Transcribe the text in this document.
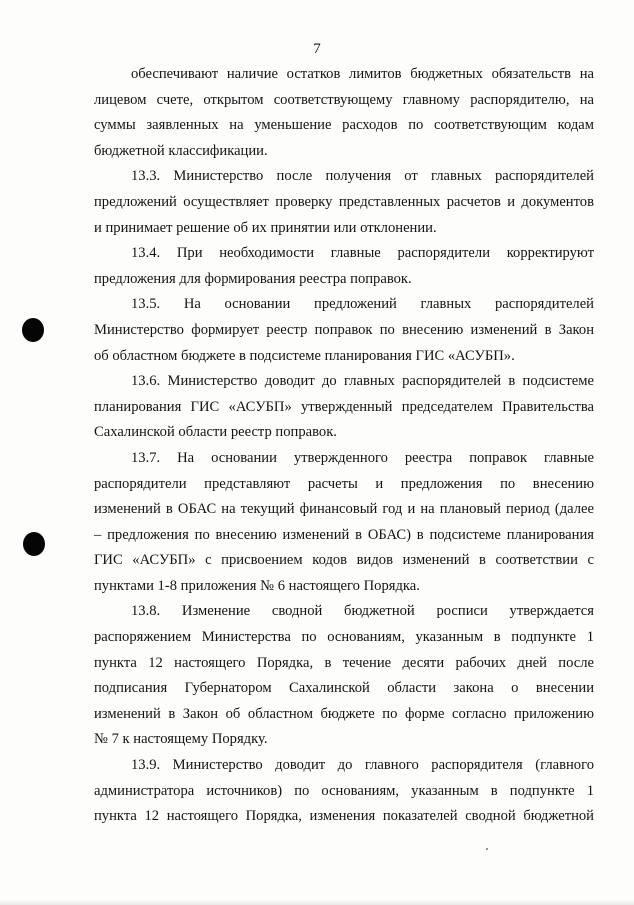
7
обеспечивают наличие остатков лимитов бюджетных обязательств на
лицевом счете, открытом соответствующему главному распорядителю, на
суммы заявленных на уменьшение расходов по соответствующим кодам
бюджетной классификации.
13.3. Министерство после получения от главных распорядителей
предложений осуществляет проверку представленных расчетов и документов
и принимает решение об их принятии или отклонении.
13.4. При необходимости главные распорядители корректируют
предложения для формирования реестра поправок.
13.5. На основании предложений главных распорядителей
Министерство формирует реестр поправок по внесению изменений в Закон
об областном бюджете в подсистеме планирования ГИС «АСУБП».
13.6. Министерство доводит до главных распорядителей в подсистеме
планирования ГИС «АСУБП» утвержденный председателем Правительства
Сахалинской области реестр поправок.
13.7. На основании утвержденного реестра поправок главные
распорядители представляют расчеты и предложения по внесению
изменений в ОБАС на текущий финансовый год и на плановый период (далее
– предложения по внесению изменений в ОБАС) в подсистеме планирования
ГИС «АСУБП» с присвоением кодов видов изменений в соответствии с
пунктами 1-8 приложения № 6 настоящего Порядка.
13.8. Изменение сводной бюджетной росписи утверждается
распоряжением Министерства по основаниям, указанным в подпункте 1
пункта 12 настоящего Порядка, в течение десяти рабочих дней после
подписания Губернатором Сахалинской области закона о внесении
изменений в Закон об областном бюджете по форме согласно приложению
№ 7 к настоящему Порядку.
13.9. Министерство доводит до главного распорядителя (главного
администратора источников) по основаниям, указанным в подпункте 1
пункта 12 настоящего Порядка, изменения показателей сводной бюджетной
